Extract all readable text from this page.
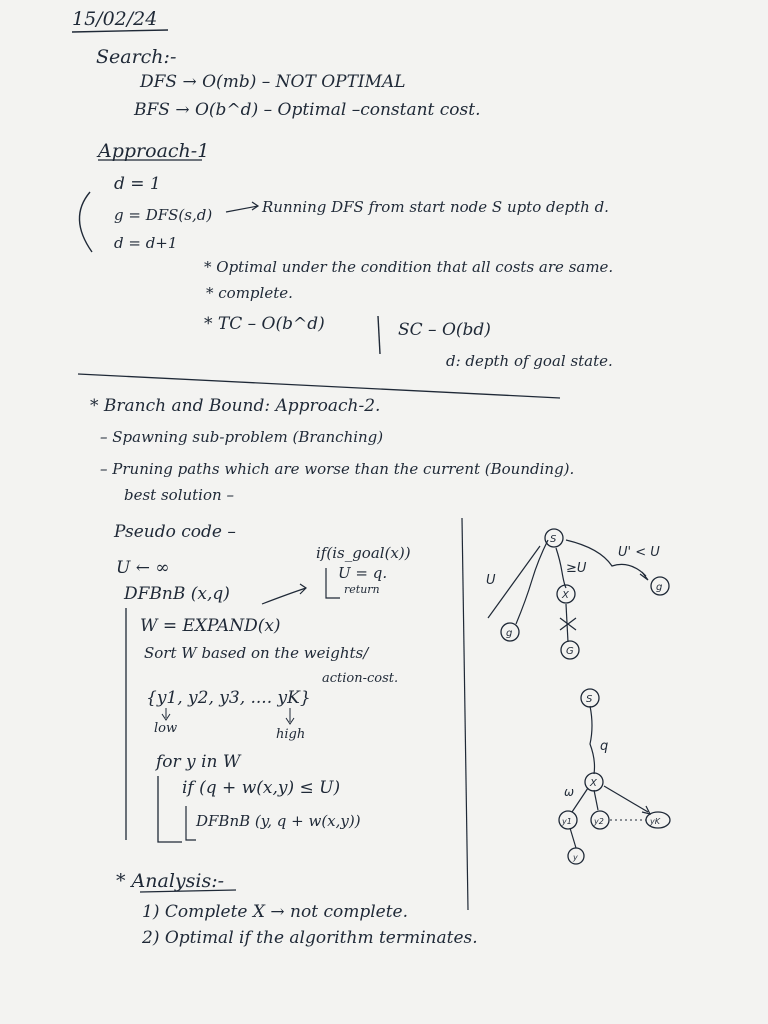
S
X
g
G
g
U
≥U
U' < U
S
X
q
ω
y1	y2	yK
y
15/02/24
Search:-
DFS → O(mb) – NOT OPTIMAL
BFS → O(b^d) – Optimal –constant cost.
Approach-1
d = 1
g = DFS(s,d)	Running DFS from start node S upto depth d.
d = d+1
* Optimal under the condition that all costs are same.
* complete.
* TC – O(b^d)	SC – O(bd)
d: depth of goal state.
* Branch and Bound: Approach-2.
– Spawning sub-problem (Branching)
– Pruning paths which are worse than the current (Bounding).
best solution –
Pseudo code –
U ← ∞
DFBnB (x,q)
if(is_goal(x))
U = q.
return
W = EXPAND(x)
Sort W based on the weights/
action-cost.
{y1, y2, y3, .... yK}
low	high
for y in W
if (q + w(x,y) ≤ U)
DFBnB (y, q + w(x,y))
* Analysis:-
1) Complete X → not complete.
2) Optimal if the algorithm terminates.
